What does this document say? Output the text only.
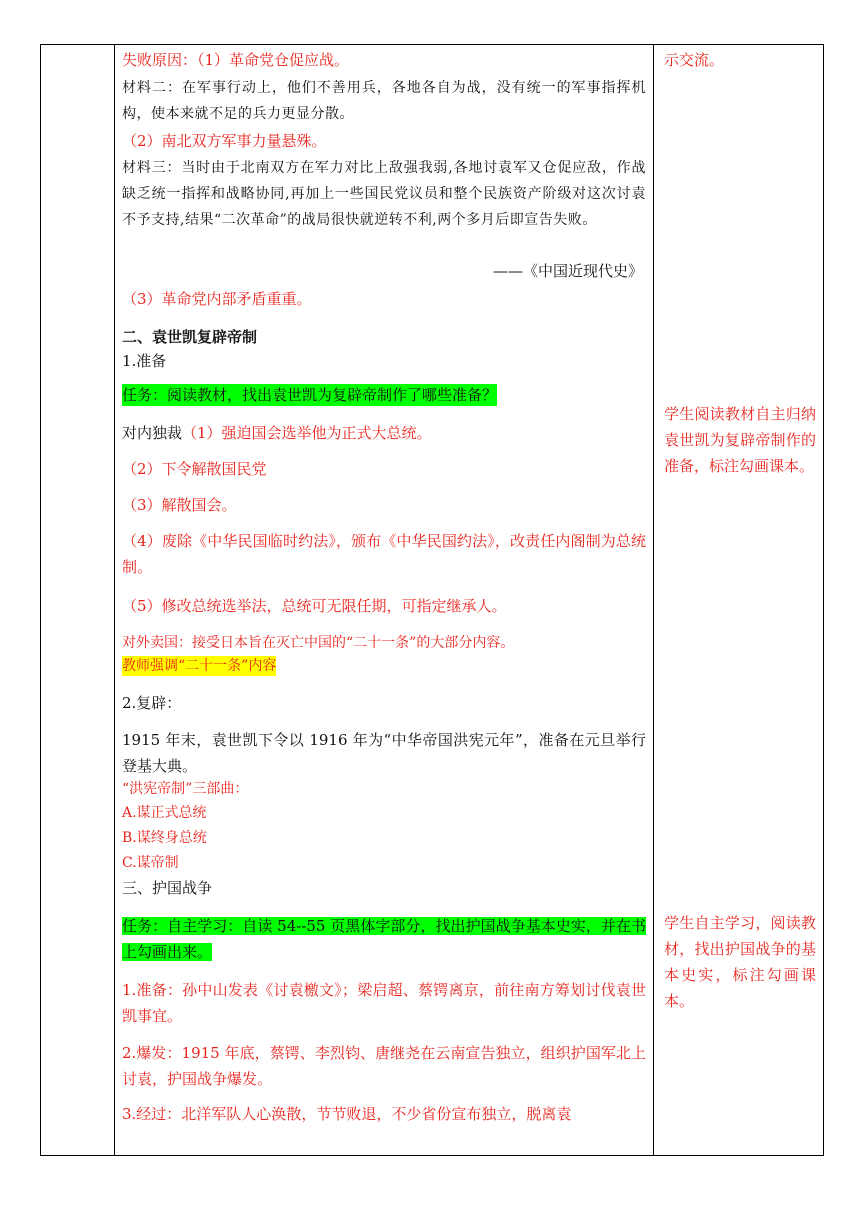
失败原因：（1）革命党仓促应战。
材料二：在军事行动上，他们不善用兵，各地各自为战，没有统一的军事指挥机构，使本来就不足的兵力更显分散。
（2）南北双方军事力量悬殊。
材料三：当时由于北南双方在军力对比上敌强我弱,各地讨袁军又仓促应敌，作战缺乏统一指挥和战略协同,再加上一些国民党议员和整个民族资产阶级对这次讨袁不予支持,结果“二次革命”的战局很快就逆转不利,两个多月后即宣告失败。
——《中国近现代史》
（3）革命党内部矛盾重重。
二、袁世凯复辟帝制
1.准备
任务：阅读教材，找出袁世凯为复辟帝制作了哪些准备？
对内独裁（1）强迫国会选举他为正式大总统。
（2）下令解散国民党
（3）解散国会。
（4）废除《中华民国临时约法》，颁布《中华民国约法》，改责任内阁制为总统制。
（5）修改总统选举法，总统可无限任期，可指定继承人。
对外卖国：接受日本旨在灭亡中国的“二十一条”的大部分内容。
教师强调“二十一条”内容
2.复辟：
1915 年末，袁世凯下令以 1916 年为“中华帝国洪宪元年”，准备在元旦举行登基大典。
“洪宪帝制”三部曲：
A.谋正式总统
B.谋终身总统
C.谋帝制
三、护国战争
任务：自主学习：自读 54--55 页黑体字部分，找出护国战争基本史实，并在书上勾画出来。
1.准备：孙中山发表《讨袁檄文》；梁启超、蔡锷离京，前往南方筹划讨伐袁世凯事宜。
2.爆发：1915 年底，蔡锷、李烈钧、唐继尧在云南宣告独立，组织护国军北上讨袁，护国战争爆发。
3.经过：北洋军队人心涣散，节节败退，不少省份宣布独立，脱离袁

示交流。
学生阅读教材自主归纳袁世凯为复辟帝制作的准备，标注勾画课本。
学生自主学习，阅读教材，找出护国战争的基本史实，标注勾画课本。
